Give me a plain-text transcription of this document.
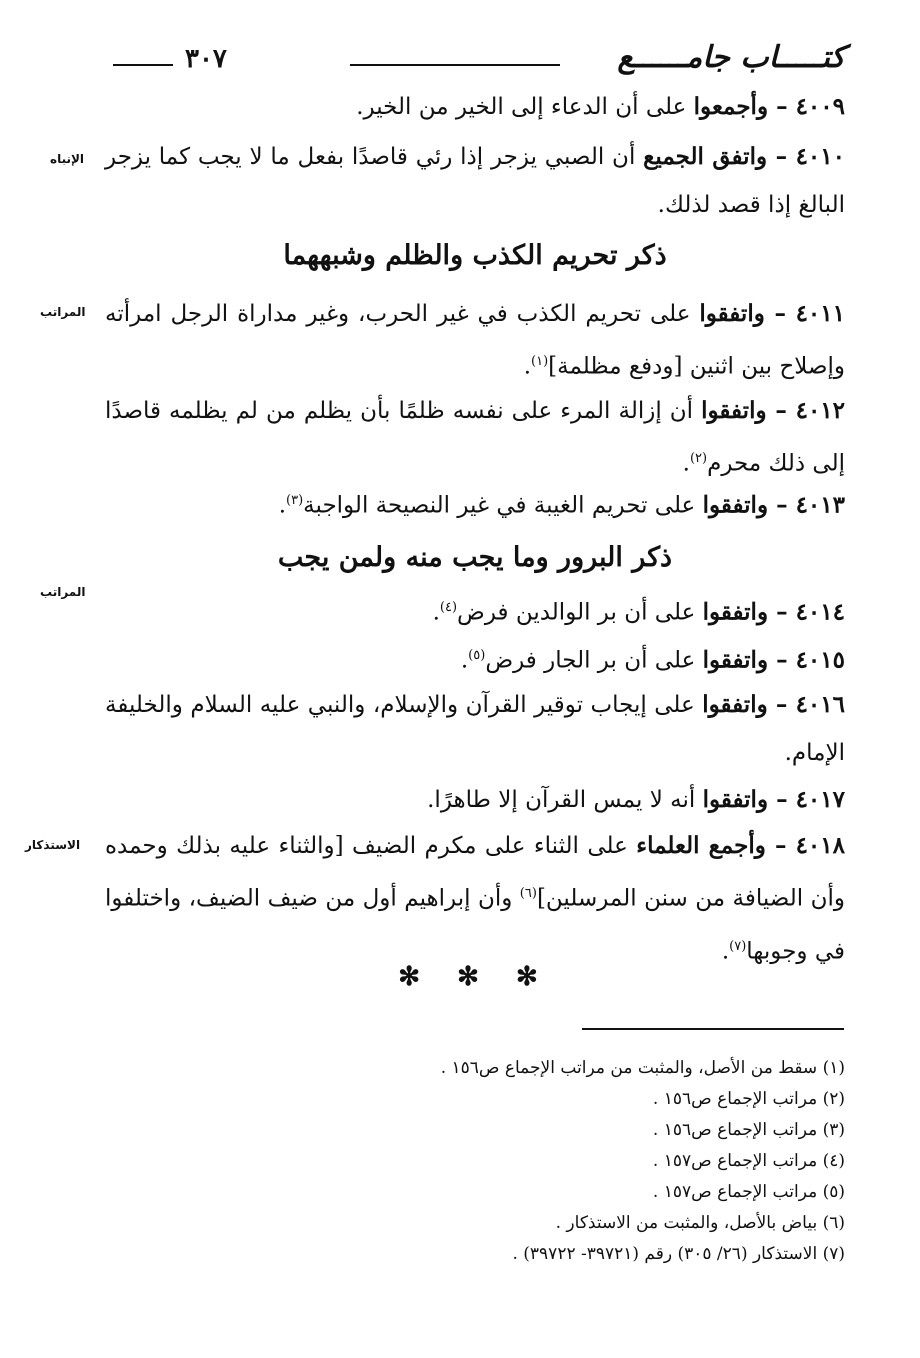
كتـــــاب جامــــــع
٣٠٧
٤٠٠٩ – وأجمعوا على أن الدعاء إلى الخير من الخير.
٤٠١٠ – واتفق الجميع أن الصبي يزجر إذا رئي قاصدًا بفعل ما لا يجب كما يزجر البالغ إذا قصد لذلك.
الإنباه
ذكر تحريم الكذب والظلم وشبههما
٤٠١١ – واتفقوا على تحريم الكذب في غير الحرب، وغير مداراة الرجل امرأته وإصلاح بين اثنين [ودفع مظلمة]$^{(١)}$.
المراتب
٤٠١٢ – واتفقوا أن إزالة المرء على نفسه ظلمًا بأن يظلم من لم يظلمه قاصدًا إلى ذلك محرم$^{(٢)}$.
٤٠١٣ – واتفقوا على تحريم الغيبة في غير النصيحة الواجبة$^{(٣)}$.
ذكر البرور وما يجب منه ولمن يجب
المراتب
٤٠١٤ – واتفقوا على أن بر الوالدين فرض$^{(٤)}$.
٤٠١٥ – واتفقوا على أن بر الجار فرض$^{(٥)}$.
٤٠١٦ – واتفقوا على إيجاب توقير القرآن والإسلام، والنبي عليه السلام والخليفة الإمام.
٤٠١٧ – واتفقوا أنه لا يمس القرآن إلا طاهرًا.
٤٠١٨ – وأجمع العلماء على الثناء على مكرم الضيف [والثناء عليه بذلك وحمده وأن الضيافة من سنن المرسلين]$^{(٦)}$ وأن إبراهيم أول من ضيف الضيف، واختلفوا في وجوبها$^{(٧)}$.
الاستذكار
✻ ✻ ✻
(١) سقط من الأصل، والمثبت من مراتب الإجماع ص١٥٦ .
(٢) مراتب الإجماع ص١٥٦ .
(٣) مراتب الإجماع ص١٥٦ .
(٤) مراتب الإجماع ص١٥٧ .
(٥) مراتب الإجماع ص١٥٧ .
(٦) بياض بالأصل، والمثبت من الاستذكار .
(٧) الاستذكار (٢٦/ ٣٠٥) رقم (٣٩٧٢١- ٣٩٧٢٢) .
